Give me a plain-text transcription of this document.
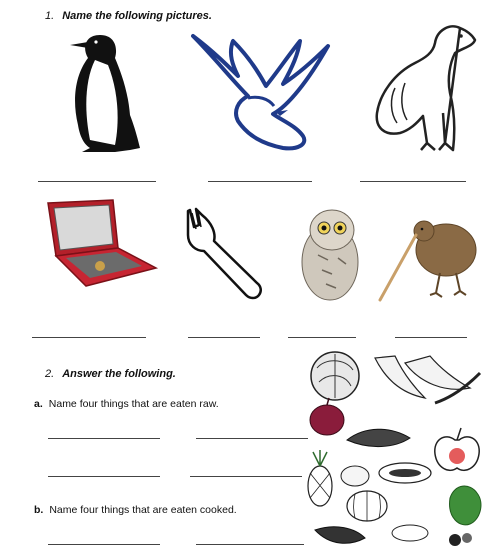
1. Name the following pictures.
2. Answer the following.
a. Name four things that are eaten raw.
b. Name four things that are eaten cooked.
